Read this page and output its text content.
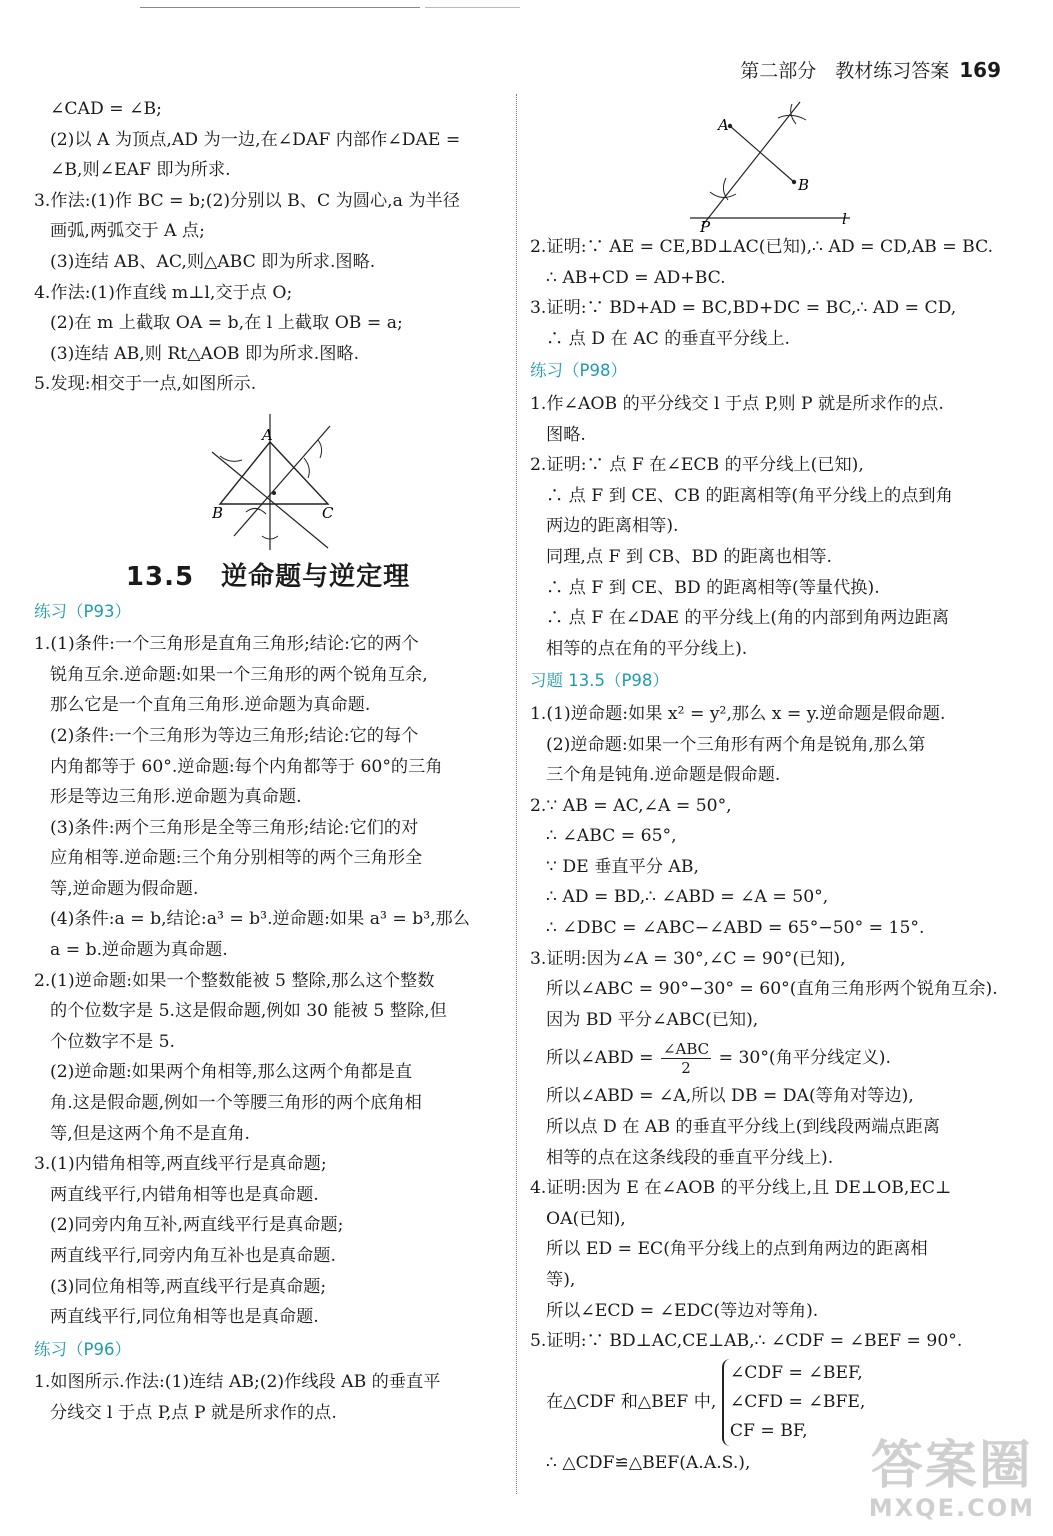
第二部分　教材练习答案 169
∠CAD = ∠B;
(2)以 A 为顶点,AD 为一边,在∠DAF 内部作∠DAE =
∠B,则∠EAF 即为所求.
3.作法:(1)作 BC = b;(2)分别以 B、C 为圆心,a 为半径
画弧,两弧交于 A 点;
(3)连结 AB、AC,则△ABC 即为所求.图略.
4.作法:(1)作直线 m⊥l,交于点 O;
(2)在 m 上截取 OA = b,在 l 上截取 OB = a;
(3)连结 AB,则 Rt△AOB 即为所求.图略.
5.发现:相交于一点,如图所示.
A
B	C
13.5　逆命题与逆定理
练习（P93）
1.(1)条件:一个三角形是直角三角形;结论:它的两个
锐角互余.逆命题:如果一个三角形的两个锐角互余,
那么它是一个直角三角形.逆命题为真命题.
(2)条件:一个三角形为等边三角形;结论:它的每个
内角都等于 60°.逆命题:每个内角都等于 60°的三角
形是等边三角形.逆命题为真命题.
(3)条件:两个三角形是全等三角形;结论:它们的对
应角相等.逆命题:三个角分别相等的两个三角形全
等,逆命题为假命题.
(4)条件:a = b,结论:a³ = b³.逆命题:如果 a³ = b³,那么
a = b.逆命题为真命题.
2.(1)逆命题:如果一个整数能被 5 整除,那么这个整数
的个位数字是 5.这是假命题,例如 30 能被 5 整除,但
个位数字不是 5.
(2)逆命题:如果两个角相等,那么这两个角都是直
角.这是假命题,例如一个等腰三角形的两个底角相
等,但是这两个角不是直角.
3.(1)内错角相等,两直线平行是真命题;
两直线平行,内错角相等也是真命题.
(2)同旁内角互补,两直线平行是真命题;
两直线平行,同旁内角互补也是真命题.
(3)同位角相等,两直线平行是真命题;
两直线平行,同位角相等也是真命题.
练习（P96）
1.如图所示.作法:(1)连结 AB;(2)作线段 AB 的垂直平
分线交 l 于点 P,点 P 就是所求作的点.
A
B
P	l
2.证明:∵ AE = CE,BD⊥AC(已知),∴ AD = CD,AB = BC.
∴ AB+CD = AD+BC.
3.证明:∵ BD+AD = BC,BD+DC = BC,∴ AD = CD,
∴ 点 D 在 AC 的垂直平分线上.
练习（P98）
1.作∠AOB 的平分线交 l 于点 P,则 P 就是所求作的点.
图略.
2.证明:∵ 点 F 在∠ECB 的平分线上(已知),
∴ 点 F 到 CE、CB 的距离相等(角平分线上的点到角
两边的距离相等).
同理,点 F 到 CB、BD 的距离也相等.
∴ 点 F 到 CE、BD 的距离相等(等量代换).
∴ 点 F 在∠DAE 的平分线上(角的内部到角两边距离
相等的点在角的平分线上).
习题 13.5（P98）
1.(1)逆命题:如果 x² = y²,那么 x = y.逆命题是假命题.
(2)逆命题:如果一个三角形有两个角是锐角,那么第
三个角是钝角.逆命题是假命题.
2.∵ AB = AC,∠A = 50°,
∴ ∠ABC = 65°,
∵ DE 垂直平分 AB,
∴ AD = BD,∴ ∠ABD = ∠A = 50°,
∴ ∠DBC = ∠ABC−∠ABD = 65°−50° = 15°.
3.证明:因为∠A = 30°,∠C = 90°(已知),
所以∠ABC = 90°−30° = 60°(直角三角形两个锐角互余).
因为 BD 平分∠ABC(已知),
所以∠ABD = $\frac{\text{∠ABC}}{2} = 30^\circ$(角平分线定义).
所以∠ABD = ∠A,所以 DB = DA(等角对等边),
所以点 D 在 AB 的垂直平分线上(到线段两端点距离
相等的点在这条线段的垂直平分线上).
4.证明:因为 E 在∠AOB 的平分线上,且 DE⊥OB,EC⊥
OA(已知),
所以 ED = EC(角平分线上的点到角两边的距离相
等),
所以∠ECD = ∠EDC(等边对等角).
5.证明:∵ BD⊥AC,CE⊥AB,∴ ∠CDF = ∠BEF = 90°.
在△CDF 和△BEF 中,
∠CDF = ∠BEF,
∠CFD = ∠BFE,
CF = BF,
∴ △CDF≌△BEF(A.A.S.),	答案圈
MXQE.COM
